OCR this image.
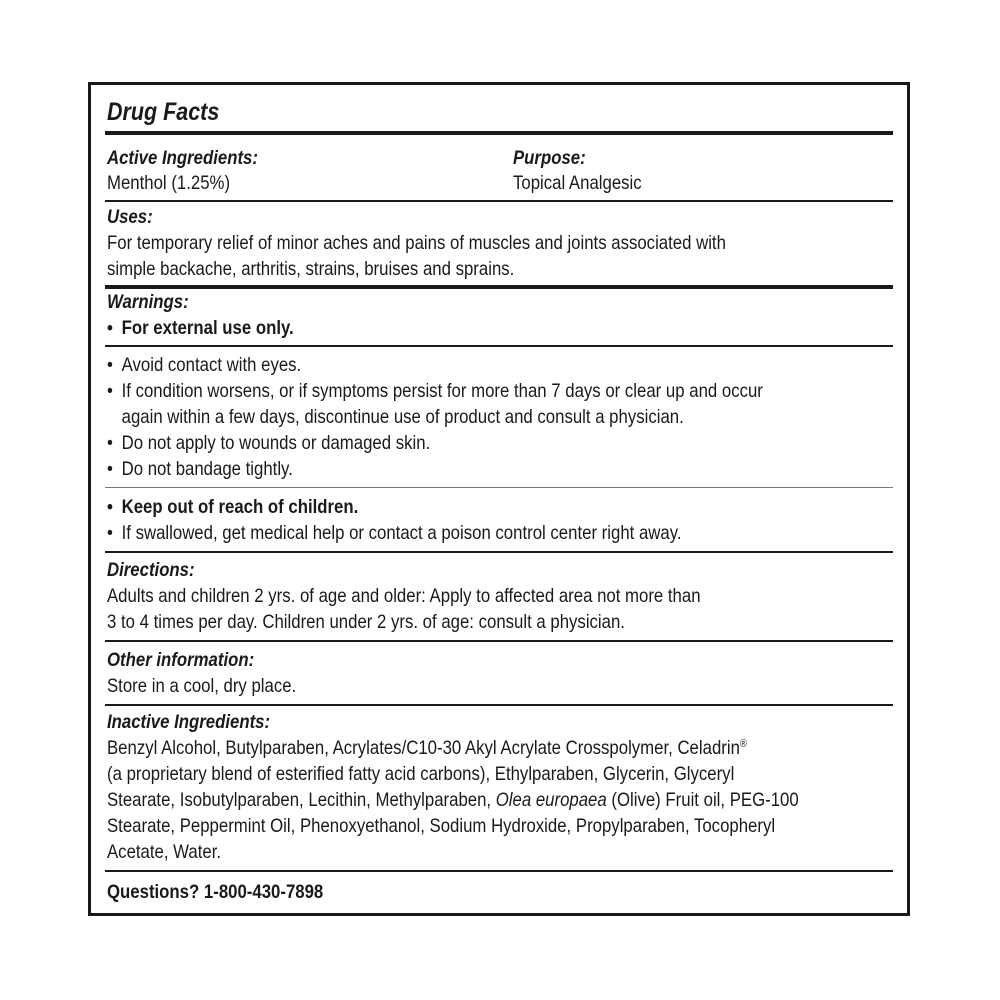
Drug Facts
Active Ingredients:	Purpose:
Menthol (1.25%)	Topical Analgesic
Uses:
For temporary relief of minor aches and pains of muscles and joints associated with
simple backache, arthritis, strains, bruises and sprains.
Warnings:
• For external use only.
• Avoid contact with eyes.
• If condition worsens, or if symptoms persist for more than 7 days or clear up and occur
again within a few days, discontinue use of product and consult a physician.
• Do not apply to wounds or damaged skin.
• Do not bandage tightly.
• Keep out of reach of children.
• If swallowed, get medical help or contact a poison control center right away.
Directions:
Adults and children 2 yrs. of age and older: Apply to affected area not more than
3 to 4 times per day. Children under 2 yrs. of age: consult a physician.
Other information:
Store in a cool, dry place.
Inactive Ingredients:
Benzyl Alcohol, Butylparaben, Acrylates/C10-30 Akyl Acrylate Crosspolymer, Celadrin®
(a proprietary blend of esterified fatty acid carbons), Ethylparaben, Glycerin, Glyceryl
Stearate, Isobutylparaben, Lecithin, Methylparaben, Olea europaea (Olive) Fruit oil, PEG-100
Stearate, Peppermint Oil, Phenoxyethanol, Sodium Hydroxide, Propylparaben, Tocopheryl
Acetate, Water.
Questions? 1-800-430-7898
